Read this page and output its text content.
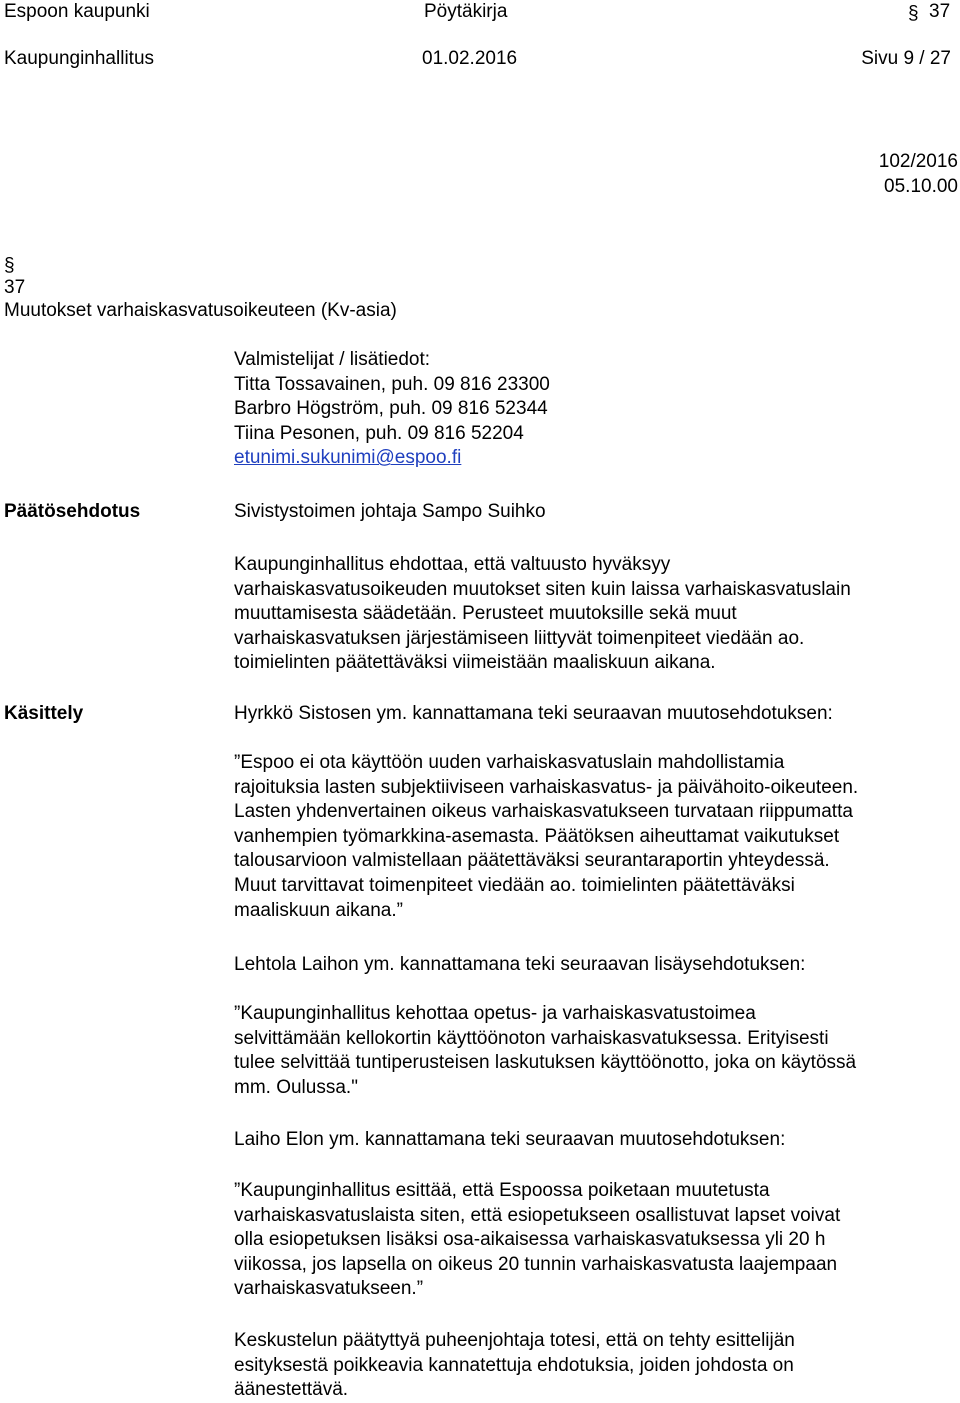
Espoon kaupunki	Pöytäkirja	§ 37
Kaupunginhallitus	01.02.2016	Sivu 9 / 27
102/2016
05.10.00
§
37
Muutokset varhaiskasvatusoikeuteen (Kv-asia)

Valmistelijat / lisätiedot:

Titta Tossavainen, puh. 09 816 23300

Barbro Högström, puh. 09 816 52344

Tiina Pesonen, puh. 09 816 52204

etunimi.sukunimi@espoo.fi

Päätösehdotus	Sivistystoimen johtaja Sampo Suihko

Kaupunginhallitus ehdottaa, että valtuusto hyväksyy

varhaiskasvatusoikeuden muutokset siten kuin laissa varhaiskasvatuslain

muuttamisesta säädetään. Perusteet muutoksille sekä muut

varhaiskasvatuksen järjestämiseen liittyvät toimenpiteet viedään ao.

toimielinten päätettäväksi viimeistään maaliskuun aikana.

Käsittely	Hyrkkö Sistosen ym. kannattamana teki seuraavan muutosehdotuksen:

”Espoo ei ota käyttöön uuden varhaiskasvatuslain mahdollistamia

rajoituksia lasten subjektiiviseen varhaiskasvatus- ja päivähoito-oikeuteen.

Lasten yhdenvertainen oikeus varhaiskasvatukseen turvataan riippumatta

vanhempien työmarkkina-asemasta. Päätöksen aiheuttamat vaikutukset

talousarvioon valmistellaan päätettäväksi seurantaraportin yhteydessä.

Muut tarvittavat toimenpiteet viedään ao. toimielinten päätettäväksi

maaliskuun aikana.”

Lehtola Laihon ym. kannattamana teki seuraavan lisäysehdotuksen:

”Kaupunginhallitus kehottaa opetus- ja varhaiskasvatustoimea

selvittämään kellokortin käyttöönoton varhaiskasvatuksessa. Erityisesti

tulee selvittää tuntiperusteisen laskutuksen käyttöönotto, joka on käytössä

mm. Oulussa."

Laiho Elon ym. kannattamana teki seuraavan muutosehdotuksen:

”Kaupunginhallitus esittää, että Espoossa poiketaan muutetusta

varhaiskasvatuslaista siten, että esiopetukseen osallistuvat lapset voivat

olla esiopetuksen lisäksi osa-aikaisessa varhaiskasvatuksessa yli 20 h

viikossa, jos lapsella on oikeus 20 tunnin varhaiskasvatusta laajempaan

varhaiskasvatukseen.”

Keskustelun päätyttyä puheenjohtaja totesi, että on tehty esittelijän

esityksestä poikkeavia kannatettuja ehdotuksia, joiden johdosta on

äänestettävä.
